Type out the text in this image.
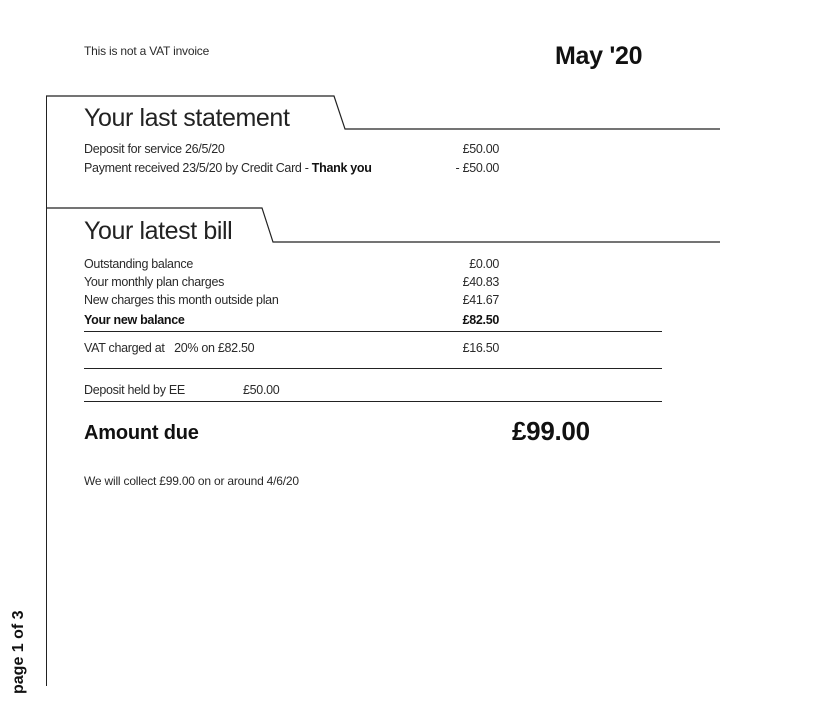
This is not a VAT invoice	May '20
Your last statement
Deposit for service 26/5/20	£50.00
Payment received 23/5/20 by Credit Card - Thank you	- £50.00
Your latest bill
Outstanding balance	£0.00
Your monthly plan charges	£40.83
New charges this month outside plan	£41.67
Your new balance	£82.50
VAT charged at 20% on £82.50	£16.50
Deposit held by EE	£50.00
Amount due	£99.00
We will collect £99.00 on or around 4/6/20
page 1 of 3
